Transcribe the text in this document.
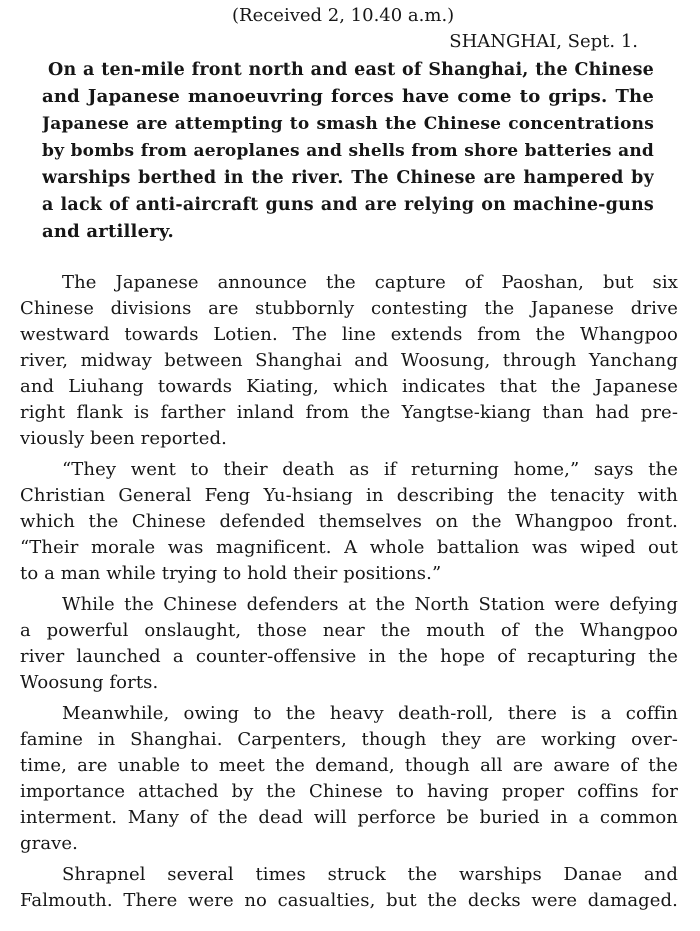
(Received 2, 10.40 a.m.)
SHANGHAI, Sept. 1.
On a ten-mile front north and east of Shanghai, the Chinese
and Japanese manoeuvring forces have come to grips. The
Japanese are attempting to smash the Chinese concentrations
by bombs from aeroplanes and shells from shore batteries and
warships berthed in the river. The Chinese are hampered by
a lack of anti-aircraft guns and are relying on machine-guns
and artillery.
The Japanese announce the capture of Paoshan, but six
Chinese divisions are stubbornly contesting the Japanese drive
westward towards Lotien. The line extends from the Whangpoo
river, midway between Shanghai and Woosung, through Yanchang
and Liuhang towards Kiating, which indicates that the Japanese
right flank is farther inland from the Yangtse-kiang than had pre-
viously been reported.
“They went to their death as if returning home,” says the
Christian General Feng Yu-hsiang in describing the tenacity with
which the Chinese defended themselves on the Whangpoo front.
“Their morale was magnificent. A whole battalion was wiped out
to a man while trying to hold their positions.”
While the Chinese defenders at the North Station were defying
a powerful onslaught, those near the mouth of the Whangpoo
river launched a counter-offensive in the hope of recapturing the
Woosung forts.
Meanwhile, owing to the heavy death-roll, there is a coffin
famine in Shanghai. Carpenters, though they are working over-
time, are unable to meet the demand, though all are aware of the
importance attached by the Chinese to having proper coffins for
interment. Many of the dead will perforce be buried in a common
grave.
Shrapnel several times struck the warships Danae and
Falmouth. There were no casualties, but the decks were damaged.
